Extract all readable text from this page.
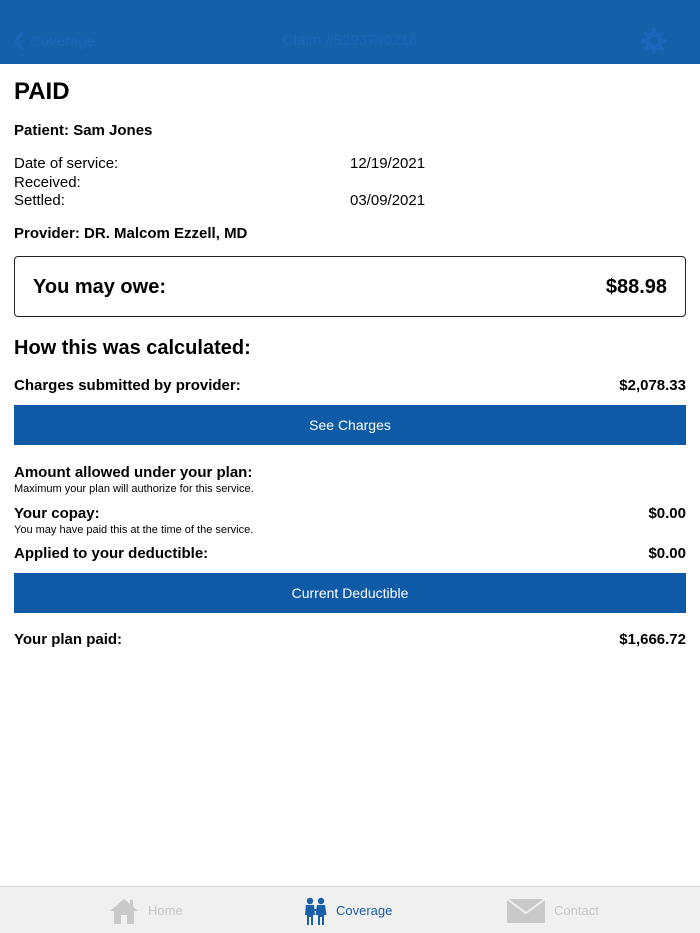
Coverage	Claim #5293740216
PAID
Patient: Sam Jones
Date of service:	12/19/2021
Received:
Settled:	03/09/2021
Provider: DR. Malcom Ezzell, MD
You may owe:	$88.98
How this was calculated:
Charges submitted by provider:	$2,078.33
See Charges
Amount allowed under your plan:
Maximum your plan will authorize for this service.
Your copay:	$0.00
You may have paid this at the time of the service.
Applied to your deductible:	$0.00
Current Deductible
Your plan paid:	$1,666.72
Home	Coverage	Contact
